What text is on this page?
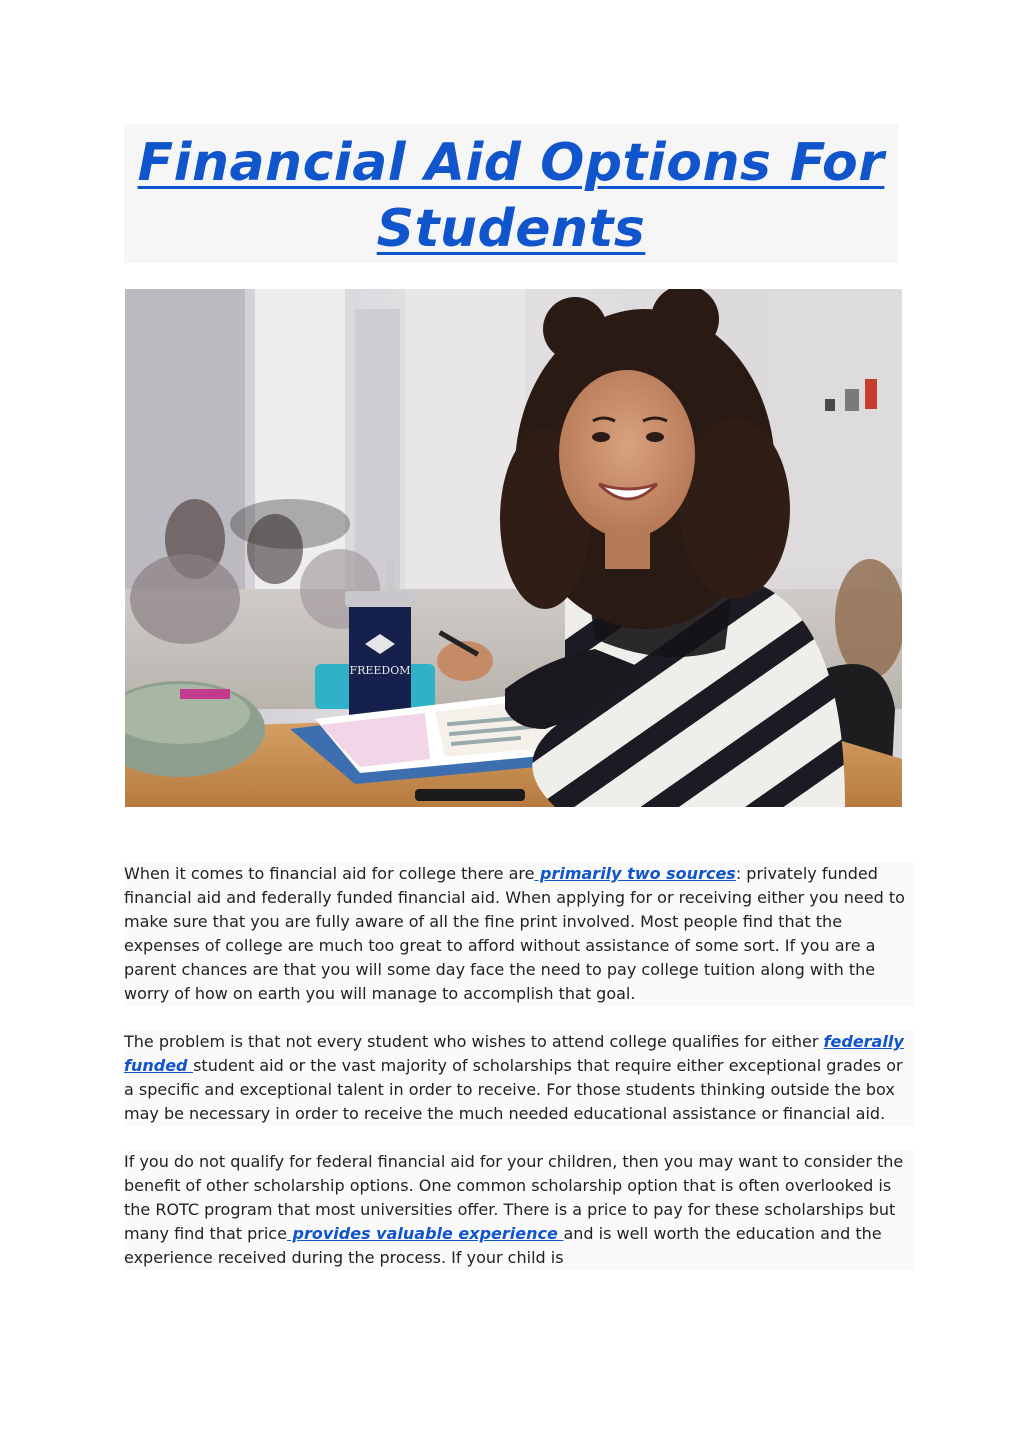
Financial Aid Options For Students
FREEDOM

When it comes to financial aid for college there are primarily two sources: privately funded financial aid and federally funded financial aid. When applying for or receiving either you need to make sure that you are fully aware of all the fine print involved. Most people find that the expenses of college are much too great to afford without assistance of some sort. If you are a parent chances are that you will some day face the need to pay college tuition along with the worry of how on earth you will manage to accomplish that goal.

The problem is that not every student who wishes to attend college qualifies for either federally funded student aid or the vast majority of scholarships that require either exceptional grades or a specific and exceptional talent in order to receive. For those students thinking outside the box may be necessary in order to receive the much needed educational assistance or financial aid.

If you do not qualify for federal financial aid for your children, then you may want to consider the benefit of other scholarship options. One common scholarship option that is often overlooked is the ROTC program that most universities offer. There is a price to pay for these scholarships but many find that price provides valuable experience and is well worth the education and the experience received during the process. If your child is
